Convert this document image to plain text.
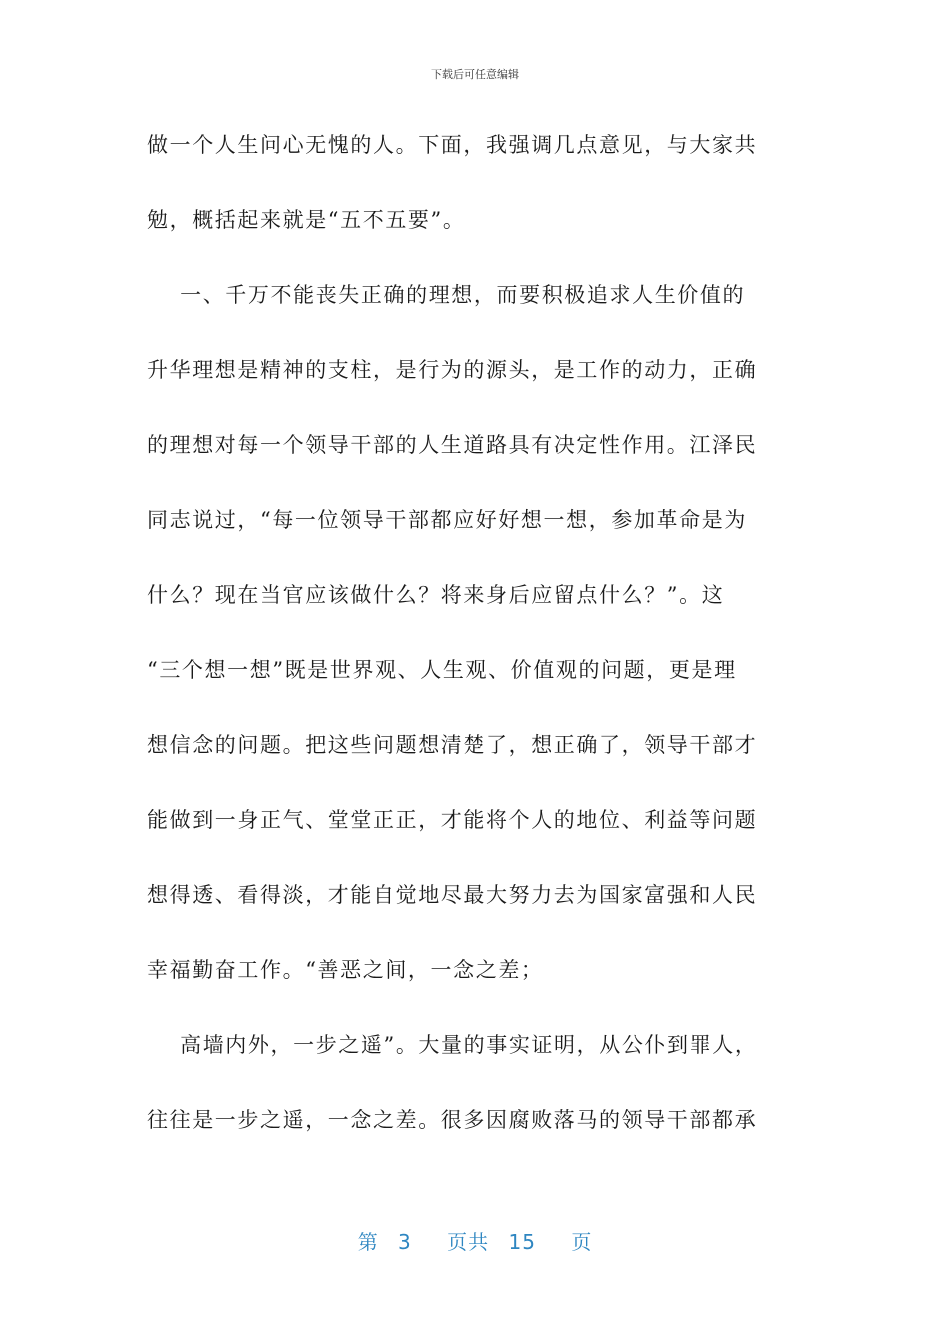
下载后可任意编辑
做一个人生问心无愧的人。下面，我强调几点意见，与大家共
勉，概括起来就是“五不五要”。
一、千万不能丧失正确的理想，而要积极追求人生价值的
升华理想是精神的支柱，是行为的源头，是工作的动力，正确
的理想对每一个领导干部的人生道路具有决定性作用。江泽民
同志说过，“每一位领导干部都应好好想一想，参加革命是为
什么？现在当官应该做什么？将来身后应留点什么？”。这
“三个想一想”既是世界观、人生观、价值观的问题，更是理
想信念的问题。把这些问题想清楚了，想正确了，领导干部才
能做到一身正气、堂堂正正，才能将个人的地位、利益等问题
想得透、看得淡，才能自觉地尽最大努力去为国家富强和人民
幸福勤奋工作。“善恶之间，一念之差；
高墙内外，一步之遥”。大量的事实证明，从公仆到罪人，
往往是一步之遥，一念之差。很多因腐败落马的领导干部都承
第 3 页共 15 页
